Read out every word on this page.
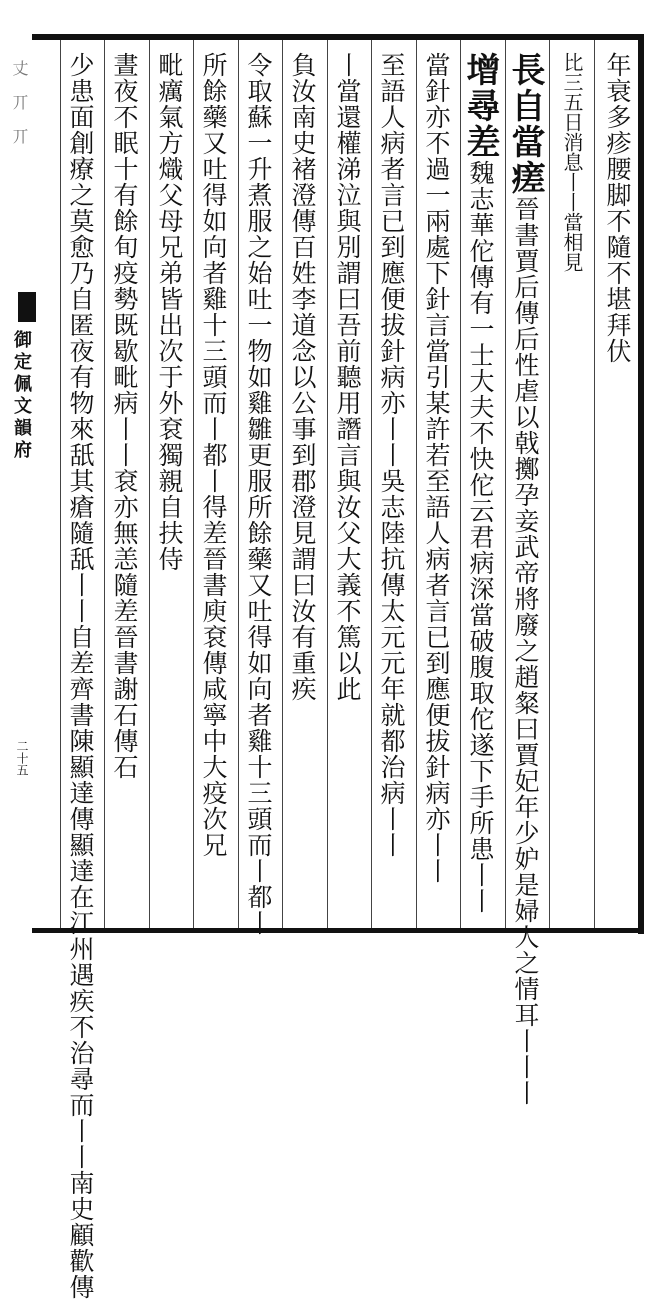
年衰多疹腰脚不隨不堪拜伏
比三五日消息丨丨當相見
長自當瘥晉書賈后傳后性虐以戟擲孕妾武帝將廢之趙粲曰賈妃年少妒是婦人之情耳丨丨丨
增尋差魏志華佗傳有一士大夫不快佗云君病深當破腹取佗遂下手所患丨丨
當針亦不過一兩處下針言當引某許若至語人病者言已到應便拔針病亦丨丨
至語人病者言已到應便拔針病亦丨丨吳志陸抗傳太元元年就都治病丨丨
丨當還權涕泣與別謂曰吾前聽用譖言與汝父大義不篤以此
負汝南史褚澄傳百姓李道念以公事到郡澄見謂曰汝有重疾
令取蘇一升煮服之始吐一物如雞雛更服所餘藥又吐得如向者雞十三頭而丨都丨
所餘藥又吐得如向者雞十三頭而丨都丨得差晉書庾袞傳咸寧中大疫次兄
毗癘氣方熾父母兄弟皆出次于外袞獨親自扶侍
晝夜不眠十有餘旬疫勢既歇毗病丨丨袞亦無恙隨差晉書謝石傳石
少患面創療之莫愈乃自匿夜有物來舐其瘡隨舐丨丨自差齊書陳顯達傳顯達在江州遇疾不治尋而丨丨南史顧歡傳
丈丌丌
御定佩文韻府
二十五
